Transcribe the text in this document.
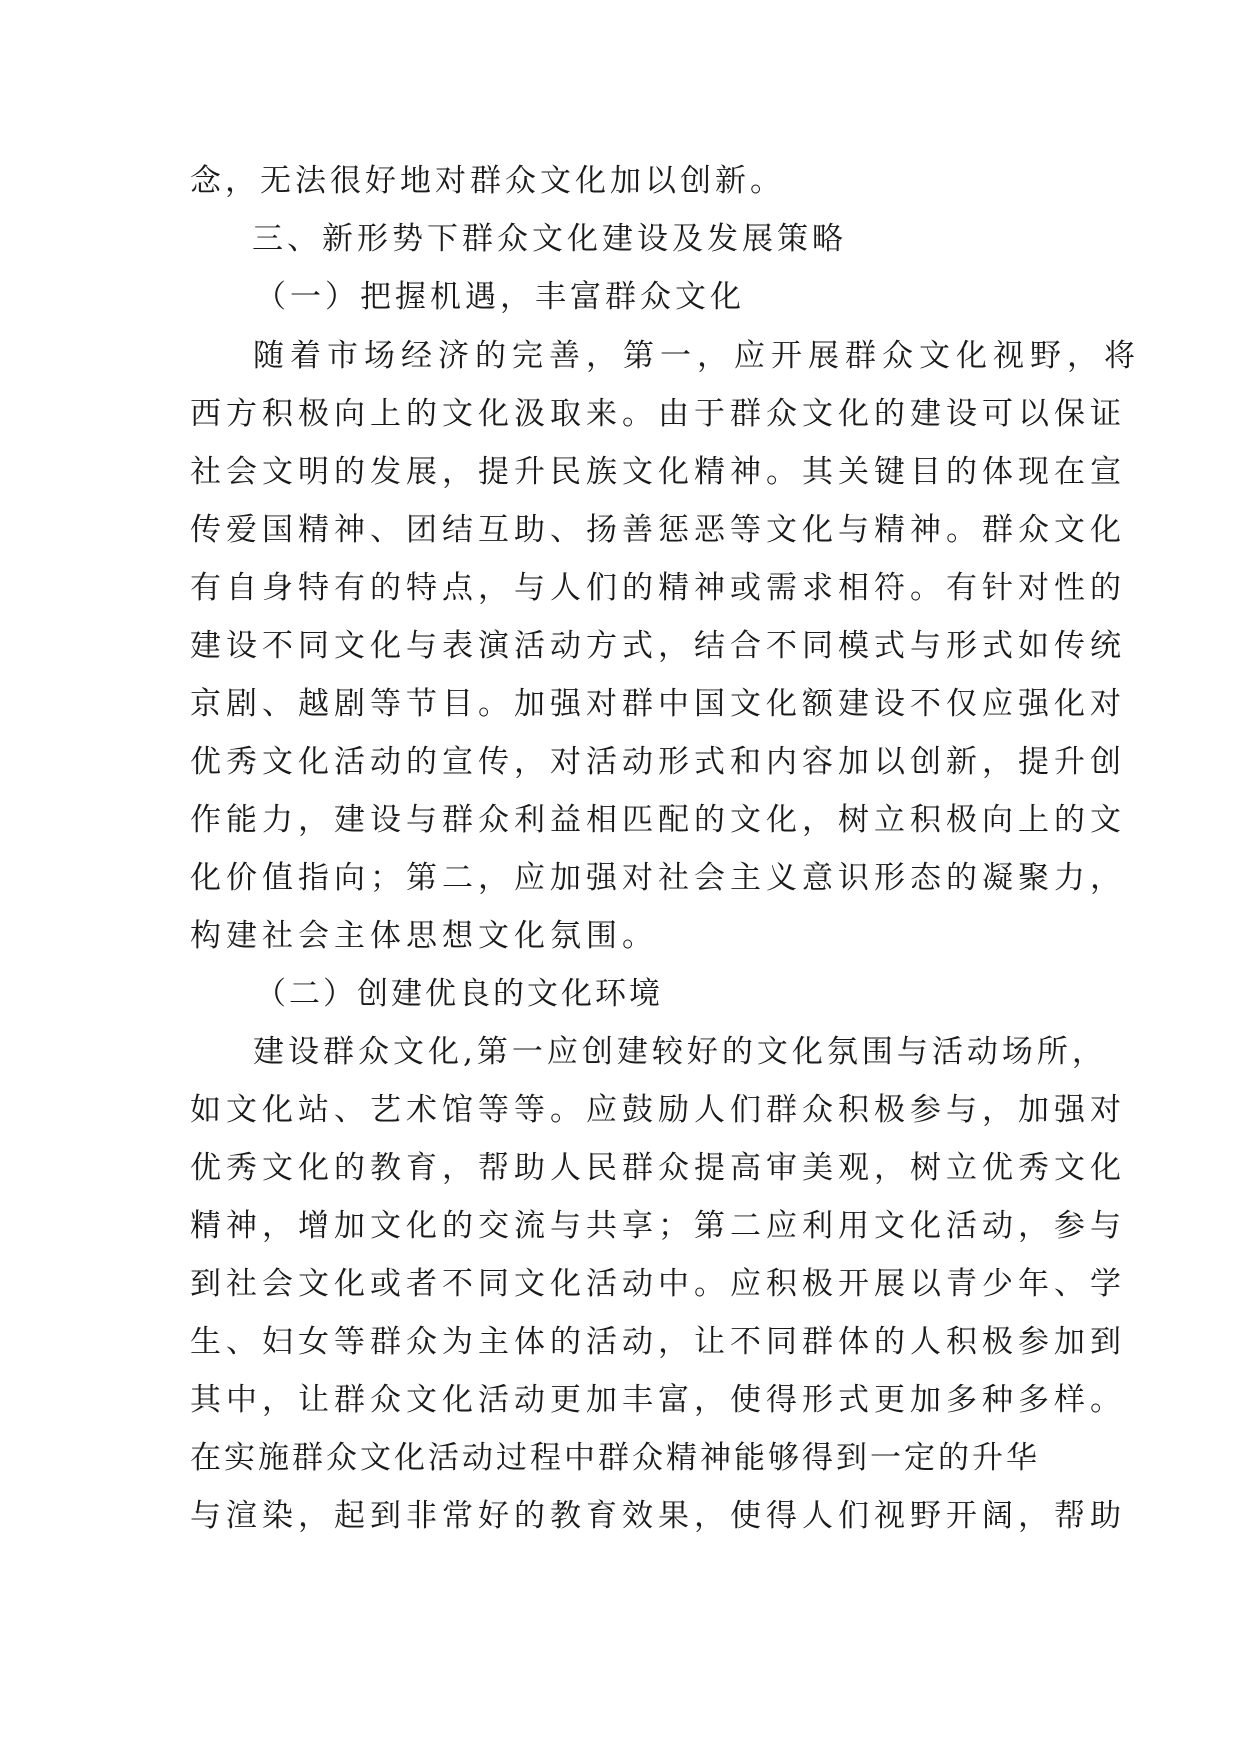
念，无法很好地对群众文化加以创新。
三、新形势下群众文化建设及发展策略
（一）把握机遇，丰富群众文化
随着市场经济的完善，第一，应开展群众文化视野，将
西方积极向上的文化汲取来。由于群众文化的建设可以保证
社会文明的发展，提升民族文化精神。其关键目的体现在宣
传爱国精神、团结互助、扬善惩恶等文化与精神。群众文化
有自身特有的特点，与人们的精神或需求相符。有针对性的
建设不同文化与表演活动方式，结合不同模式与形式如传统
京剧、越剧等节目。加强对群中国文化额建设不仅应强化对
优秀文化活动的宣传，对活动形式和内容加以创新，提升创
作能力，建设与群众利益相匹配的文化，树立积极向上的文
化价值指向；第二，应加强对社会主义意识形态的凝聚力，
构建社会主体思想文化氛围。
（二）创建优良的文化环境
建设群众文化,第一应创建较好的文化氛围与活动场所，
如文化站、艺术馆等等。应鼓励人们群众积极参与，加强对
优秀文化的教育，帮助人民群众提高审美观，树立优秀文化
精神，增加文化的交流与共享；第二应利用文化活动，参与
到社会文化或者不同文化活动中。应积极开展以青少年、学
生、妇女等群众为主体的活动，让不同群体的人积极参加到
其中，让群众文化活动更加丰富，使得形式更加多种多样。
在实施群众文化活动过程中群众精神能够得到一定的升华
与渲染，起到非常好的教育效果，使得人们视野开阔，帮助
